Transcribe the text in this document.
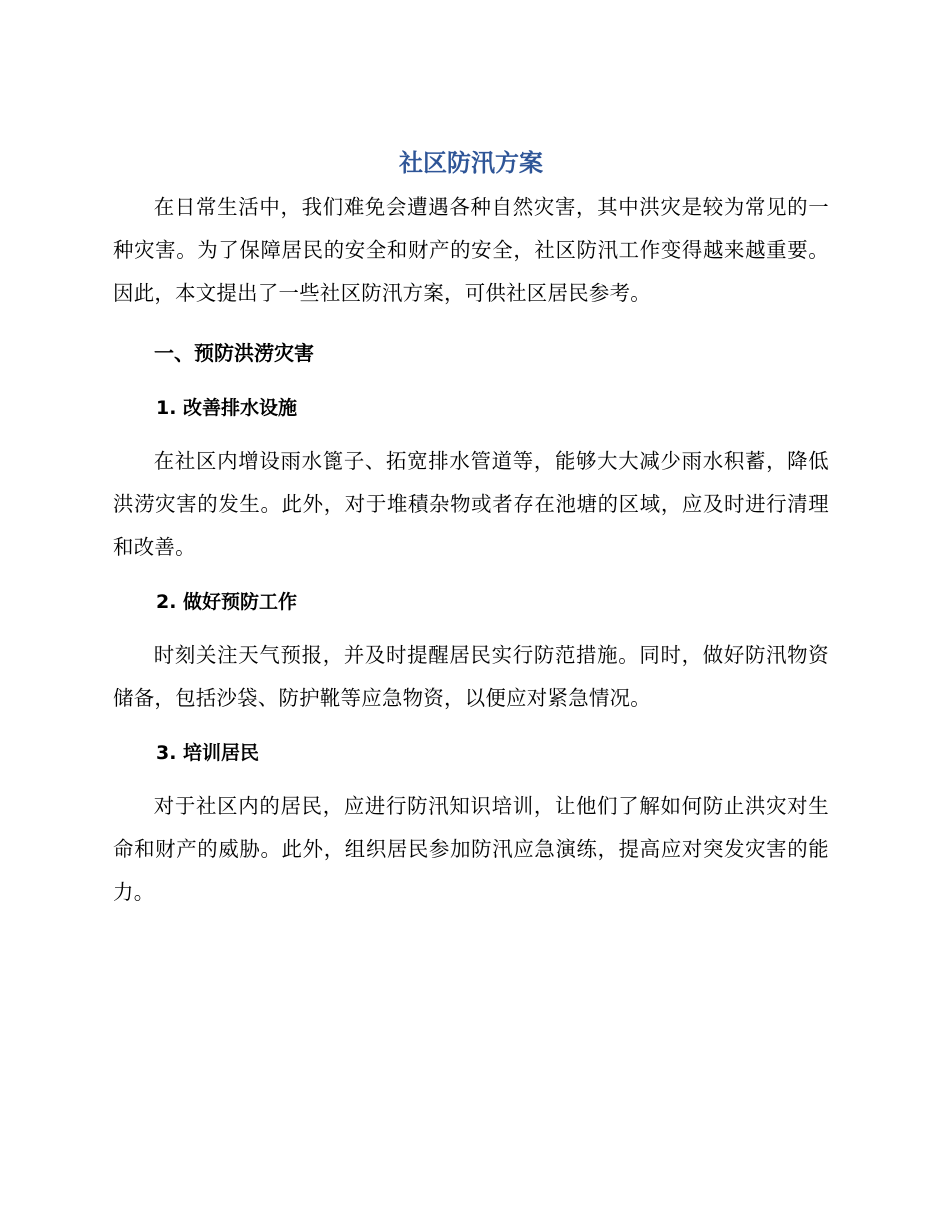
社区防汛方案

在日常生活中，我们难免会遭遇各种自然灾害，其中洪灾是较为常见的一种灾害。为了保障居民的安全和财产的安全，社区防汛工作变得越来越重要。因此，本文提出了一些社区防汛方案，可供社区居民参考。

一、预防洪涝灾害
1. 改善排水设施

在社区内增设雨水篦子、拓宽排水管道等，能够大大减少雨水积蓄，降低洪涝灾害的发生。此外，对于堆積杂物或者存在池塘的区域，应及时进行清理和改善。

2. 做好预防工作

时刻关注天气预报，并及时提醒居民实行防范措施。同时，做好防汛物资储备，包括沙袋、防护靴等应急物资，以便应对紧急情况。

3. 培训居民

对于社区内的居民，应进行防汛知识培训，让他们了解如何防止洪灾对生命和财产的威胁。此外，组织居民参加防汛应急演练，提高应对突发灾害的能力。
